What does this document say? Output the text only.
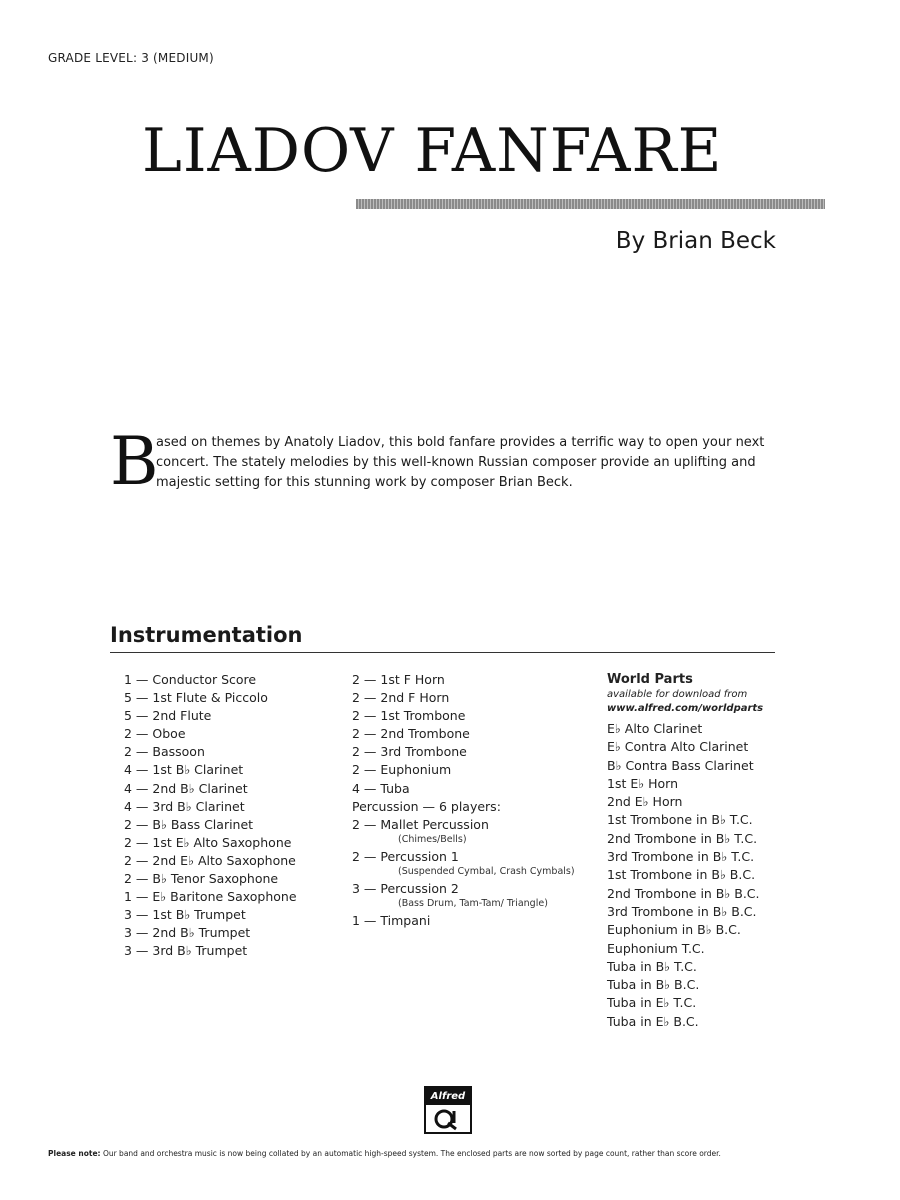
GRADE LEVEL: 3 (MEDIUM)
LIADOV FANFARE
By Brian Beck
B
ased on themes by Anatoly Liadov, this bold fanfare provides a terrific way to open your next concert. The stately melodies by this well-known Russian composer provide an uplifting and majestic setting for this stunning work by composer Brian Beck.
Instrumentation
1 — Conductor Score
5 — 1st Flute & Piccolo
5 — 2nd Flute
2 — Oboe
2 — Bassoon
4 — 1st B♭ Clarinet
4 — 2nd B♭ Clarinet
4 — 3rd B♭ Clarinet
2 — B♭ Bass Clarinet
2 — 1st E♭ Alto Saxophone
2 — 2nd E♭ Alto Saxophone
2 — B♭ Tenor Saxophone
1 — E♭ Baritone Saxophone
3 — 1st B♭ Trumpet
3 — 2nd B♭ Trumpet
3 — 3rd B♭ Trumpet
2 — 1st F Horn
2 — 2nd F Horn
2 — 1st Trombone
2 — 2nd Trombone
2 — 3rd Trombone
2 — Euphonium
4 — Tuba
Percussion — 6 players:
2 — Mallet Percussion
(Chimes/Bells)
2 — Percussion 1
(Suspended Cymbal, Crash Cymbals)
3 — Percussion 2
(Bass Drum, Tam-Tam/ Triangle)
1 — Timpani
World Parts
available for download from
www.alfred.com/worldparts
E♭ Alto Clarinet
E♭ Contra Alto Clarinet
B♭ Contra Bass Clarinet
1st E♭ Horn
2nd E♭ Horn
1st Trombone in B♭ T.C.
2nd Trombone in B♭ T.C.
3rd Trombone in B♭ T.C.
1st Trombone in B♭ B.C.
2nd Trombone in B♭ B.C.
3rd Trombone in B♭ B.C.
Euphonium in B♭ B.C.
Euphonium T.C.
Tuba in B♭ T.C.
Tuba in B♭ B.C.
Tuba in E♭ T.C.
Tuba in E♭ B.C.
Alfred
Please note: Our band and orchestra music is now being collated by an automatic high-speed system. The enclosed parts are now sorted by page count, rather than score order.
